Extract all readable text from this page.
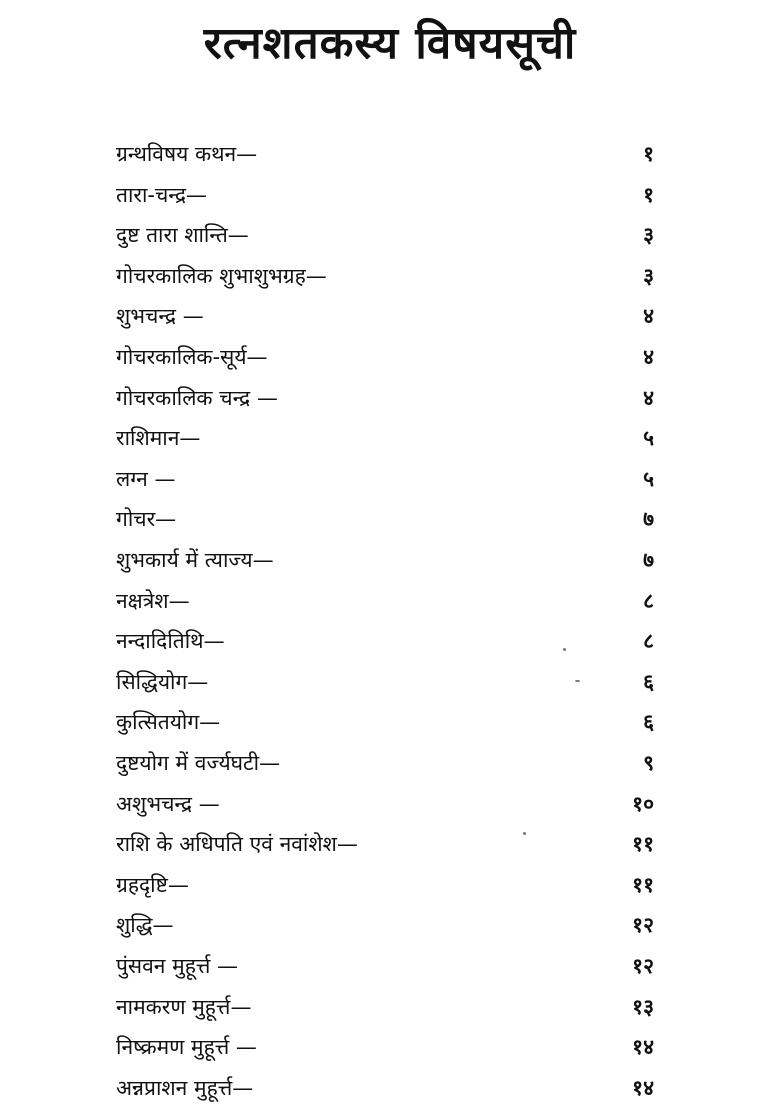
रत्नशतकस्य विषयसूची
ग्रन्थविषय कथन—	१
तारा-चन्द्र—	१
दुष्ट तारा शान्ति—	३
गोचरकालिक शुभाशुभग्रह—	३
शुभचन्द्र —	४
गोचरकालिक-सूर्य—	४
गोचरकालिक चन्द्र —	४
राशिमान—	५
लग्न —	५
गोचर—	७
शुभकार्य में त्याज्य—	७
नक्षत्रेश—	८
नन्दादितिथि—	८
सिद्धियोग—	६
कुत्सितयोग—	६
दुष्टयोग में वर्ज्यघटी—	९
अशुभचन्द्र —	१०
राशि के अधिपति एवं नवांशेश—	११
ग्रहदृष्टि—	११
शुद्धि—	१२
पुंसवन मुहूर्त्त —	१२
नामकरण मुहूर्त्त—	१३
निष्क्रमण मुहूर्त्त —	१४
अन्नप्राशन मुहूर्त्त—	१४
